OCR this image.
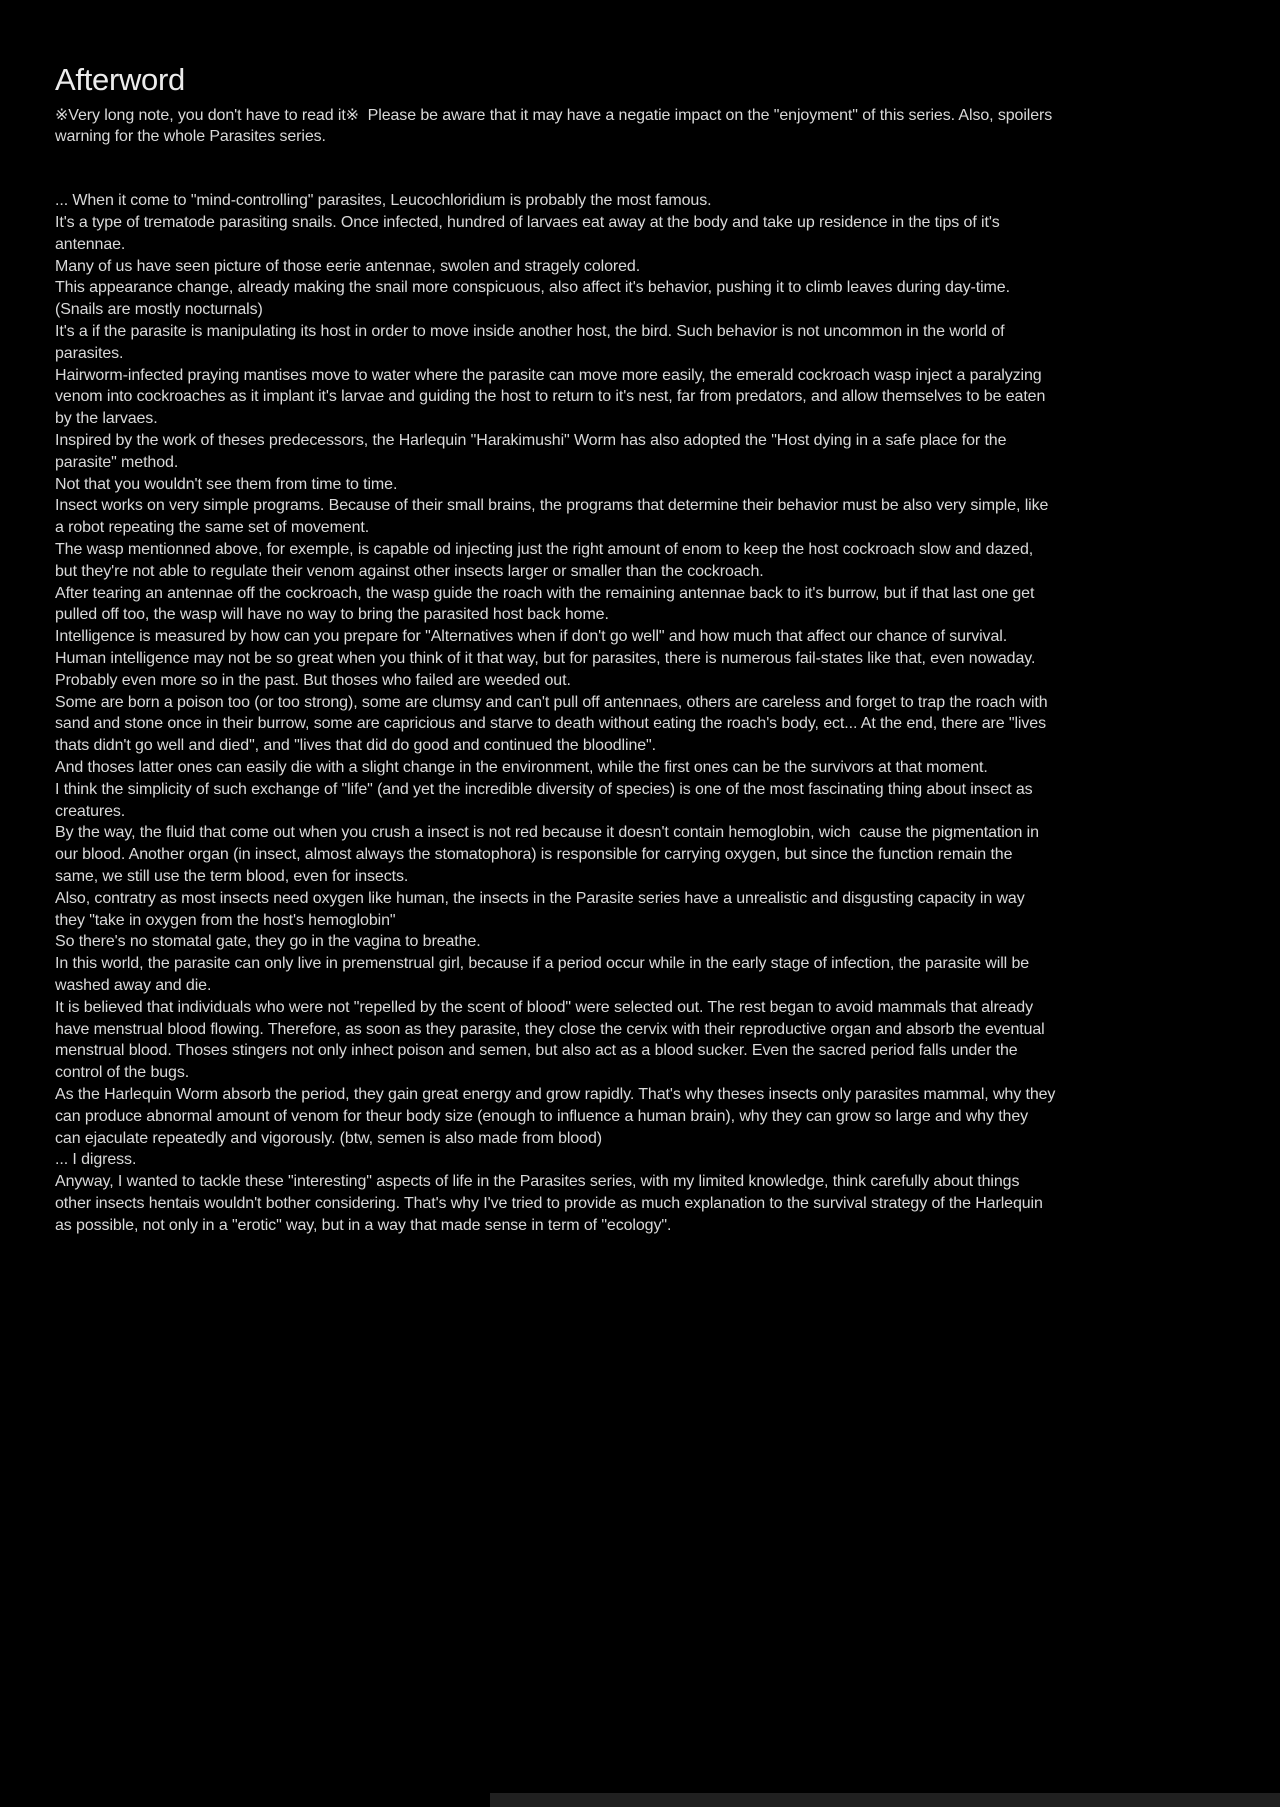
Afterword

※Very long note, you don't have to read it※  Please be aware that it may have a negatie impact on the "enjoyment" of this series. Also, spoilers warning for the whole Parasites series.

... When it come to "mind-controlling" parasites, Leucochloridium is probably the most famous.

It's a type of trematode parasiting snails. Once infected, hundred of larvaes eat away at the body and take up residence in the tips of it's antennae.

Many of us have seen picture of those eerie antennae, swolen and stragely colored.

This appearance change, already making the snail more conspicuous, also affect it's behavior, pushing it to climb leaves during day-time.

(Snails are mostly nocturnals)

It's a if the parasite is manipulating its host in order to move inside another host, the bird. Such behavior is not uncommon in the world of parasites.

Hairworm-infected praying mantises move to water where the parasite can move more easily, the emerald cockroach wasp inject a paralyzing venom into cockroaches as it implant it's larvae and guiding the host to return to it's nest, far from predators, and allow themselves to be eaten by the larvaes.

Inspired by the work of theses predecessors, the Harlequin "Harakimushi" Worm has also adopted the "Host dying in a safe place for the parasite" method.

Not that you wouldn't see them from time to time.

Insect works on very simple programs. Because of their small brains, the programs that determine their behavior must be also very simple, like a robot repeating the same set of movement.

The wasp mentionned above, for exemple, is capable od injecting just the right amount of enom to keep the host cockroach slow and dazed, but they're not able to regulate their venom against other insects larger or smaller than the cockroach.

After tearing an antennae off the cockroach, the wasp guide the roach with the remaining antennae back to it's burrow, but if that last one get pulled off too, the wasp will have no way to bring the parasited host back home.

Intelligence is measured by how can you prepare for "Alternatives when if don't go well" and how much that affect our chance of survival.

Human intelligence may not be so great when you think of it that way, but for parasites, there is numerous fail-states like that, even nowaday.

Probably even more so in the past. But thoses who failed are weeded out.

Some are born a poison too (or too strong), some are clumsy and can't pull off antennaes, others are careless and forget to trap the roach with sand and stone once in their burrow, some are capricious and starve to death without eating the roach's body, ect... At the end, there are "lives thats didn't go well and died", and "lives that did do good and continued the bloodline".

And thoses latter ones can easily die with a slight change in the environment, while the first ones can be the survivors at that moment.

I think the simplicity of such exchange of "life" (and yet the incredible diversity of species) is one of the most fascinating thing about insect as creatures.

By the way, the fluid that come out when you crush a insect is not red because it doesn't contain hemoglobin, wich  cause the pigmentation in our blood. Another organ (in insect, almost always the stomatophora) is responsible for carrying oxygen, but since the function remain the same, we still use the term blood, even for insects.

Also, contratry as most insects need oxygen like human, the insects in the Parasite series have a unrealistic and disgusting capacity in way they "take in oxygen from the host's hemoglobin"

So there's no stomatal gate, they go in the vagina to breathe.

In this world, the parasite can only live in premenstrual girl, because if a period occur while in the early stage of infection, the parasite will be washed away and die.

It is believed that individuals who were not "repelled by the scent of blood" were selected out. The rest began to avoid mammals that already have menstrual blood flowing. Therefore, as soon as they parasite, they close the cervix with their reproductive organ and absorb the eventual menstrual blood. Thoses stingers not only inhect poison and semen, but also act as a blood sucker. Even the sacred period falls under the control of the bugs.

As the Harlequin Worm absorb the period, they gain great energy and grow rapidly. That's why theses insects only parasites mammal, why they can produce abnormal amount of venom for theur body size (enough to influence a human brain), why they can grow so large and why they can ejaculate repeatedly and vigorously. (btw, semen is also made from blood)

... I digress.

Anyway, I wanted to tackle these "interesting" aspects of life in the Parasites series, with my limited knowledge, think carefully about things other insects hentais wouldn't bother considering. That's why I've tried to provide as much explanation to the survival strategy of the Harlequin as possible, not only in a "erotic" way, but in a way that made sense in term of "ecology".
